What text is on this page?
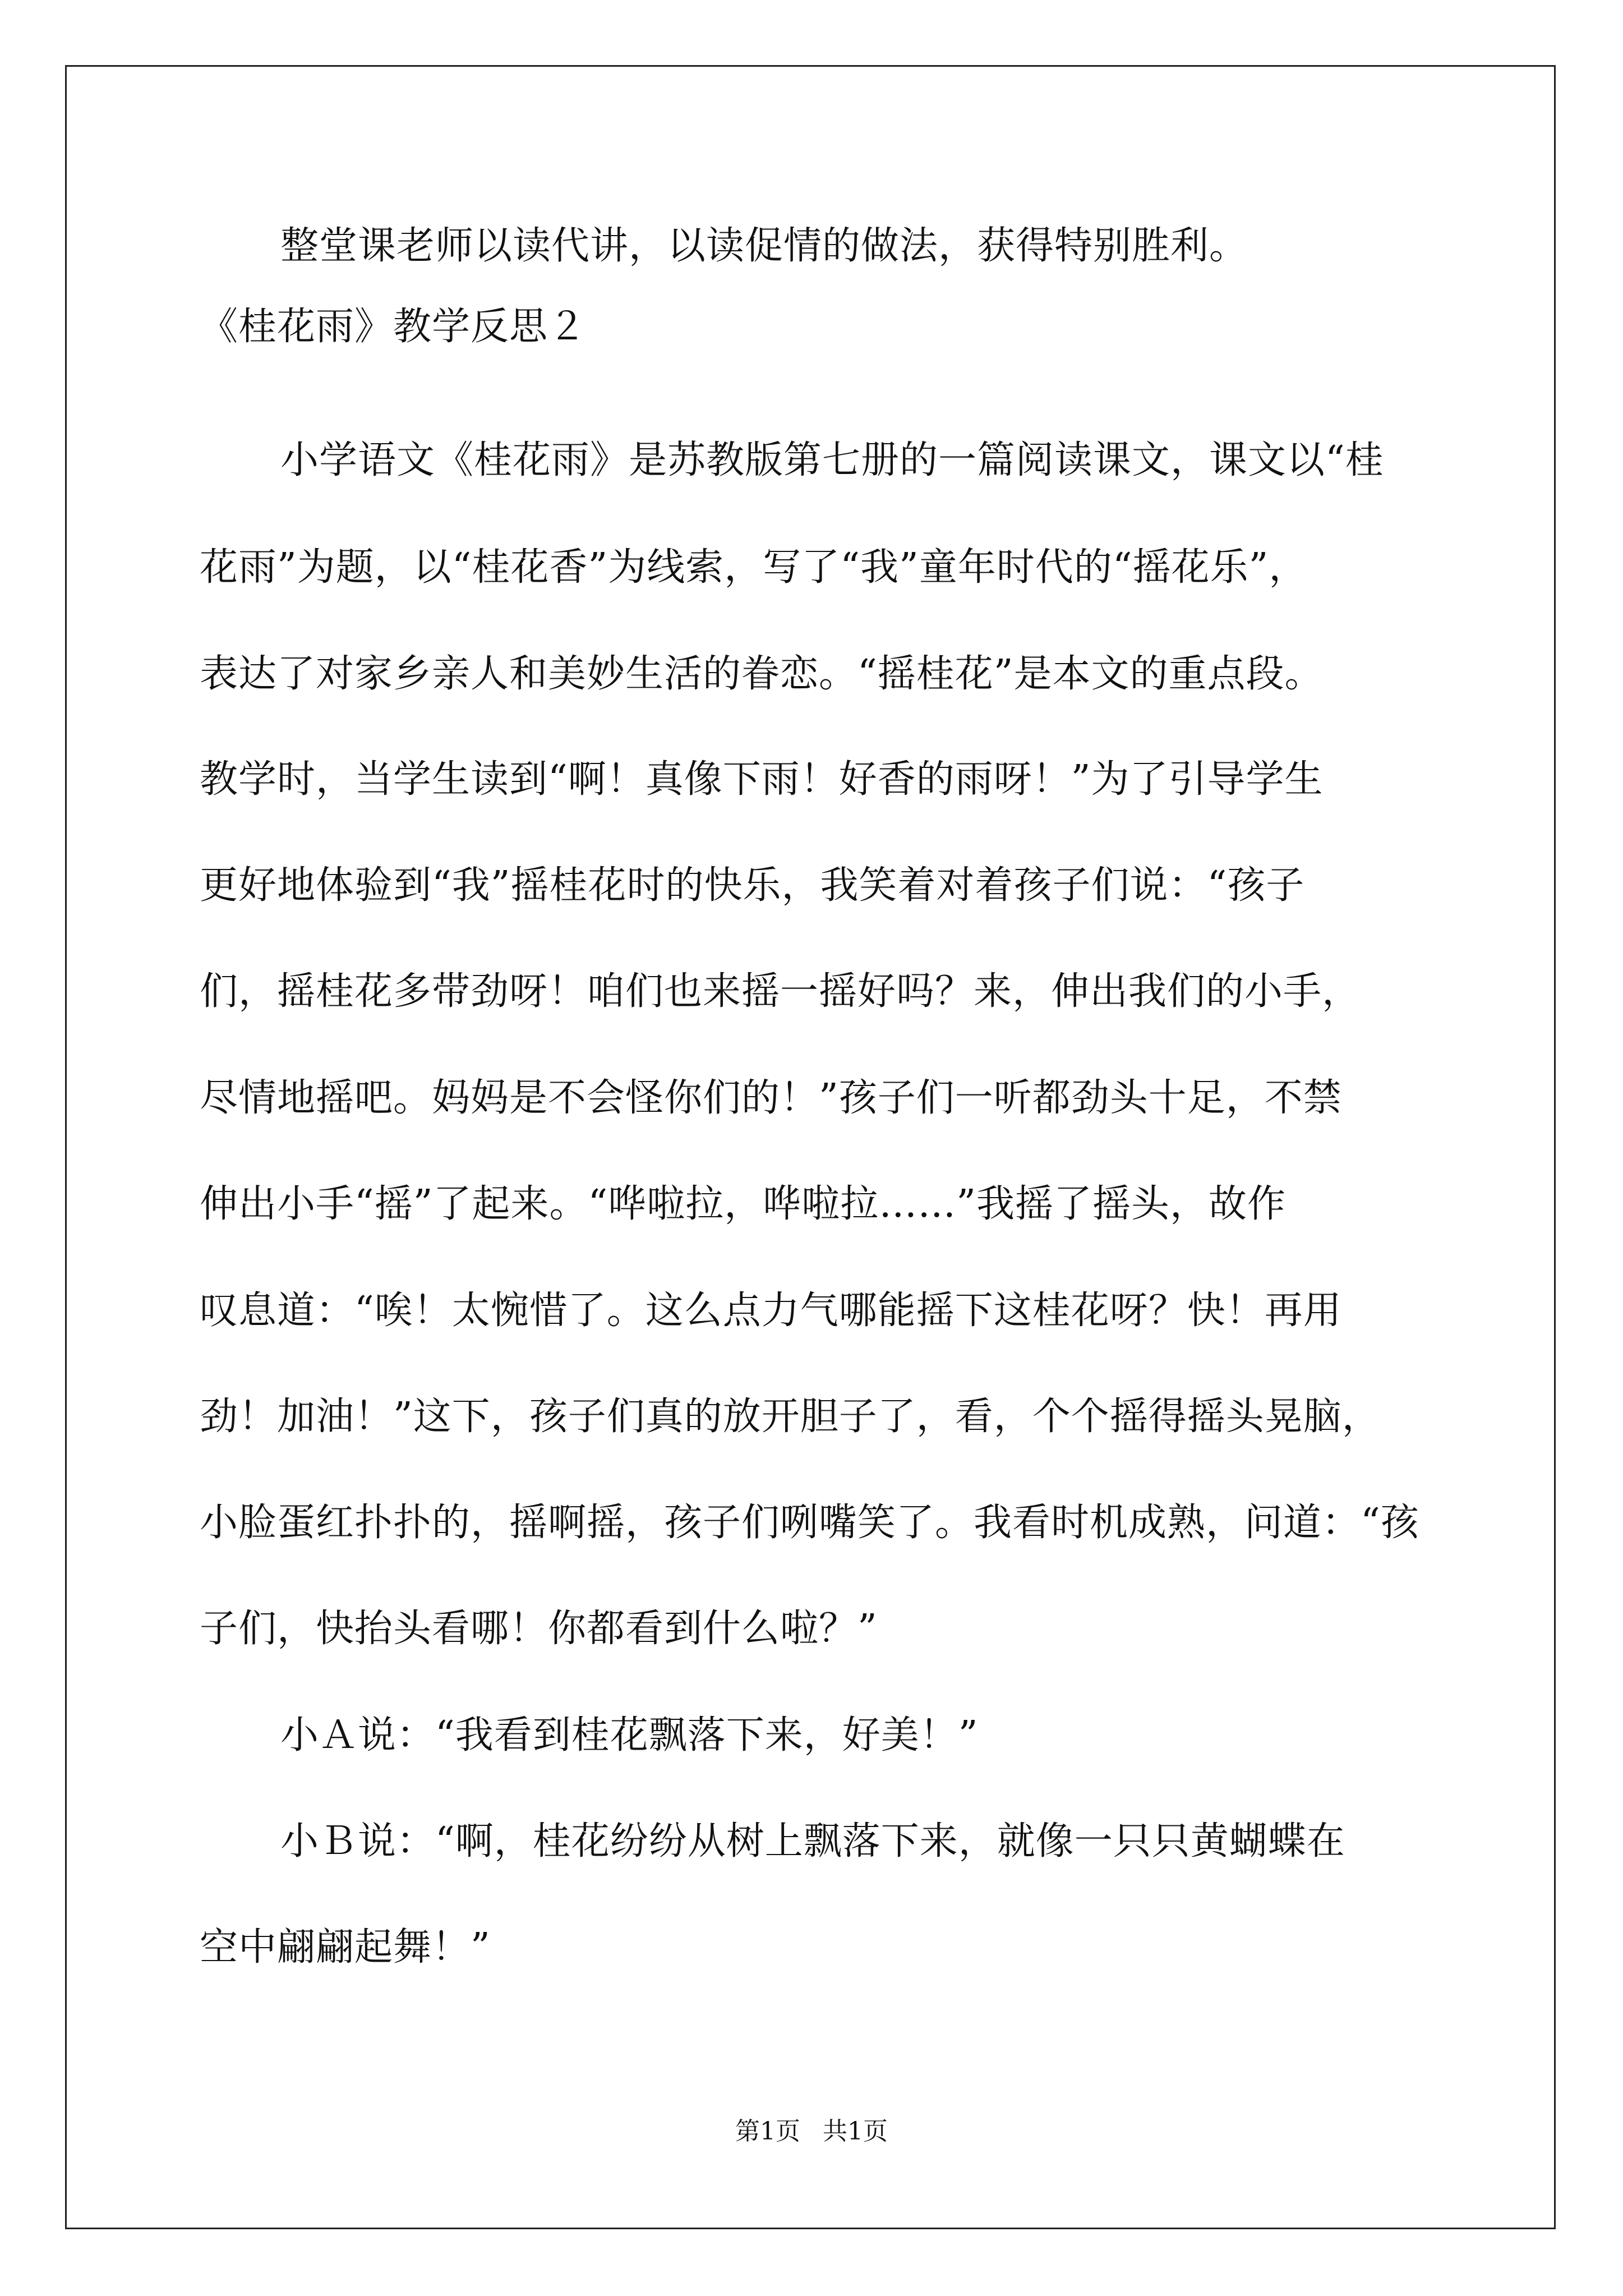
整堂课老师以读代讲，以读促情的做法，获得特别胜利。
《桂花雨》教学反思２
小学语文《桂花雨》是苏教版第七册的一篇阅读课文，课文以“桂
花雨”为题，以“桂花香”为线索，写了“我”童年时代的“摇花乐”，
表达了对家乡亲人和美妙生活的眷恋。“摇桂花”是本文的重点段。
教学时，当学生读到“啊！真像下雨！好香的雨呀！”为了引导学生
更好地体验到“我”摇桂花时的快乐，我笑着对着孩子们说：“孩子
们，摇桂花多带劲呀！咱们也来摇一摇好吗？来，伸出我们的小手，
尽情地摇吧。妈妈是不会怪你们的！”孩子们一听都劲头十足，不禁
伸出小手“摇”了起来。“哗啦拉，哗啦拉……”我摇了摇头，故作
叹息道：“唉！太惋惜了。这么点力气哪能摇下这桂花呀？快！再用
劲！加油！”这下，孩子们真的放开胆子了，看，个个摇得摇头晃脑，
小脸蛋红扑扑的，摇啊摇，孩子们咧嘴笑了。我看时机成熟，问道：“孩
子们，快抬头看哪！你都看到什么啦？”
小Ａ说：“我看到桂花飘落下来，好美！”
小Ｂ说：“啊，桂花纷纷从树上飘落下来，就像一只只黄蝴蝶在
空中翩翩起舞！”
第1页 共1页
